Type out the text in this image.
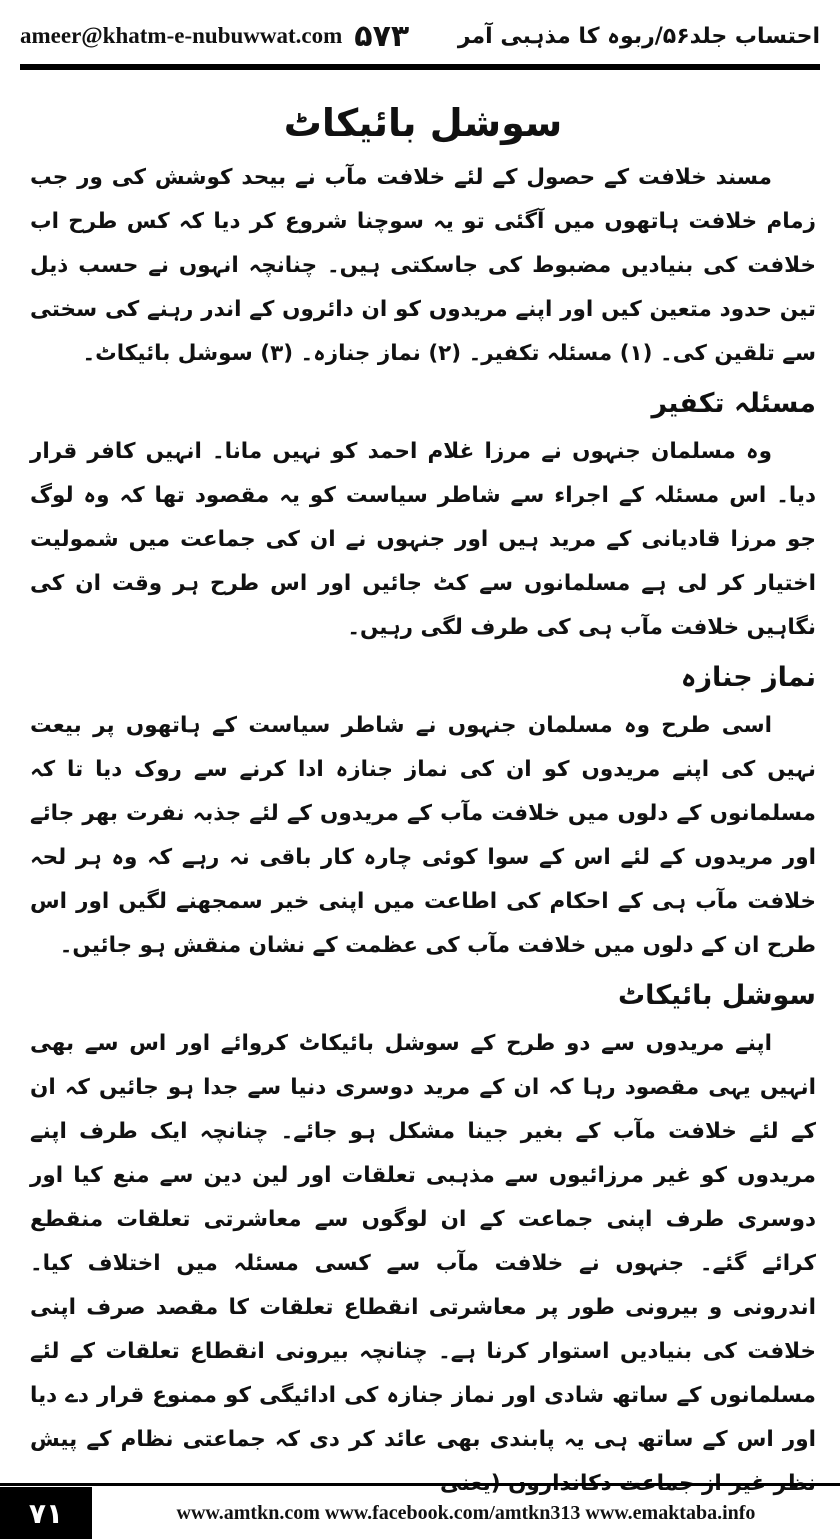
ameer@khatm-e-nubuwwat.com ۵۷۳ احتساب جلد۵۶/ربوہ کا مذہبی آمر
سوشل بائیکاٹ

مسند خلافت کے حصول کے لئے خلافت مآب نے بیحد کوشش کی ور جب زمام خلافت ہاتھوں میں آگئی تو یہ سوچنا شروع کر دیا کہ کس طرح اب خلافت کی بنیادیں مضبوط کی جاسکتی ہیں۔ چنانچہ انہوں نے حسب ذیل تین حدود متعین کیں اور اپنے مریدوں کو ان دائروں کے اندر رہنے کی سختی سے تلقین کی۔ (۱) مسئلہ تکفیر۔ (۲) نماز جنازہ۔ (۳) سوشل بائیکاٹ۔

مسئلہ تکفیر

وہ مسلمان جنہوں نے مرزا غلام احمد کو نہیں مانا۔ انہیں کافر قرار دیا۔ اس مسئلہ کے اجراء سے شاطر سیاست کو یہ مقصود تھا کہ وہ لوگ جو مرزا قادیانی کے مرید ہیں اور جنہوں نے ان کی جماعت میں شمولیت اختیار کر لی ہے مسلمانوں سے کٹ جائیں اور اس طرح ہر وقت ان کی نگاہیں خلافت مآب ہی کی طرف لگی رہیں۔

نماز جنازہ

اسی طرح وہ مسلمان جنہوں نے شاطر سیاست کے ہاتھوں پر بیعت نہیں کی اپنے مریدوں کو ان کی نماز جنازہ ادا کرنے سے روک دیا تا کہ مسلمانوں کے دلوں میں خلافت مآب کے مریدوں کے لئے جذبہ نفرت بھر جائے اور مریدوں کے لئے اس کے سوا کوئی چارہ کار باقی نہ رہے کہ وہ ہر لحہ خلافت مآب ہی کے احکام کی اطاعت میں اپنی خیر سمجھنے لگیں اور اس طرح ان کے دلوں میں خلافت مآب کی عظمت کے نشان منقش ہو جائیں۔

سوشل بائیکاٹ

اپنے مریدوں سے دو طرح کے سوشل بائیکاٹ کروائے اور اس سے بھی انہیں یہی مقصود رہا کہ ان کے مرید دوسری دنیا سے جدا ہو جائیں کہ ان کے لئے خلافت مآب کے بغیر جینا مشکل ہو جائے۔ چنانچہ ایک طرف اپنے مریدوں کو غیر مرزائیوں سے مذہبی تعلقات اور لین دین سے منع کیا اور دوسری طرف اپنی جماعت کے ان لوگوں سے معاشرتی تعلقات منقطع کرائے گئے۔ جنہوں نے خلافت مآب سے کسی مسئلہ میں اختلاف کیا۔ اندرونی و بیرونی طور پر معاشرتی انقطاع تعلقات کا مقصد صرف اپنی خلافت کی بنیادیں استوار کرنا ہے۔ چنانچہ بیرونی انقطاع تعلقات کے لئے مسلمانوں کے ساتھ شادی اور نماز جنازہ کی ادائیگی کو ممنوع قرار دے دیا اور اس کے ساتھ ہی یہ پابندی بھی عائد کر دی کہ جماعتی نظام کے پیش نظر غیر از جماعت دکانداروں (یعنی

۷۱	www.amtkn.com www.facebook.com/amtkn313 www.emaktaba.info
